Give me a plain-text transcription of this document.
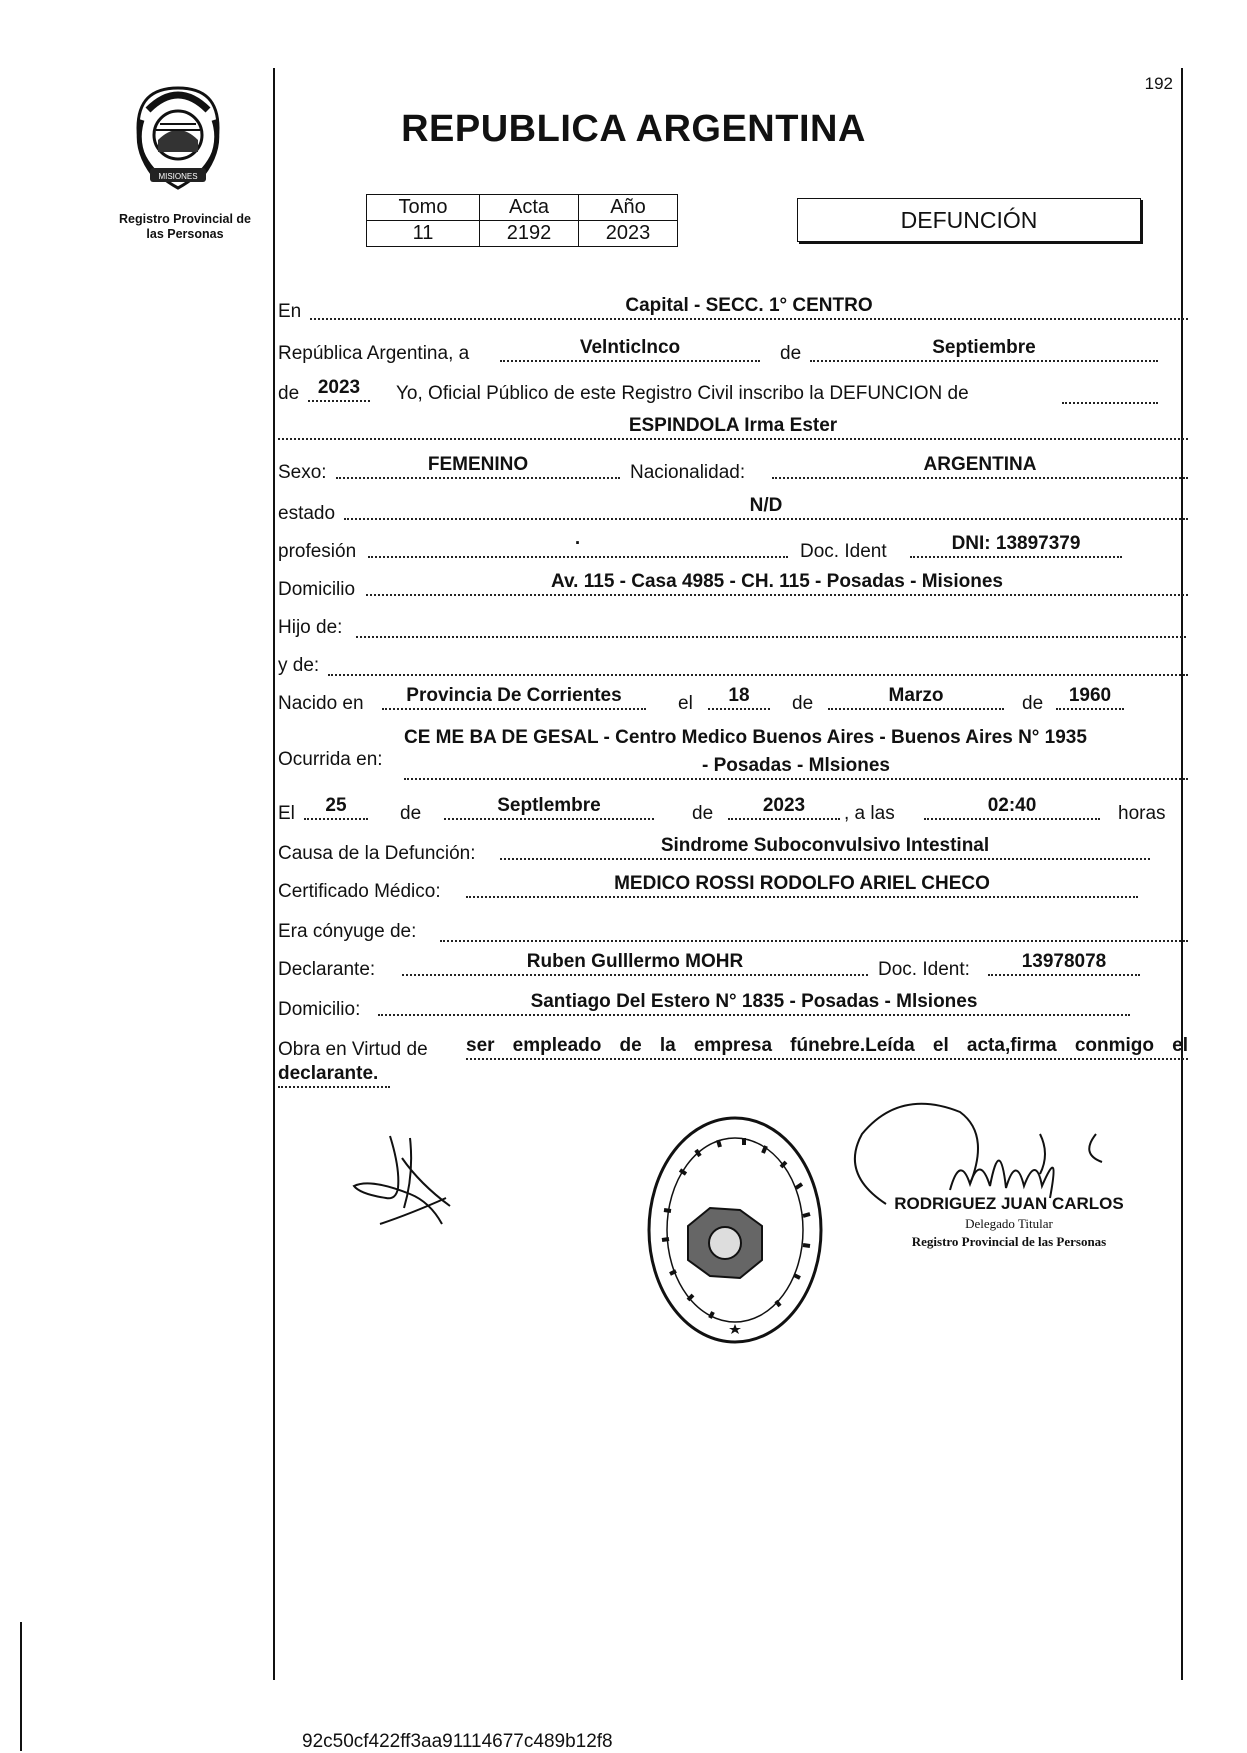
192
MISIONES
Registro Provincial de
las Personas
REPUBLICA ARGENTINA
Tomo	Acta	Año
11	2192	2023	DEFUNCIÓN
En	Capital - SECC. 1° CENTRO
República Argentina, a	Velnticlnco	de	Septiembre
de 2023	Yo, Oficial Público de este Registro Civil inscribo la DEFUNCION de
ESPINDOLA Irma Ester
Sexo:	FEMENINO	Nacionalidad:	ARGENTINA
estado	N/D
profesión	·	Doc. Ident	DNI: 13897379
Domicilio	Av. 115 - Casa 4985 - CH. 115 - Posadas - Misiones
Hijo de:
y de:
Nacido en	Provincia De Corrientes	el	18	de	Marzo	de	1960
Ocurrida en:
CE ME BA DE GESAL - Centro Medico Buenos Aires - Buenos Aires N° 1935
- Posadas - Mlsiones
El	25	de	Septlembre	de	2023	, a las	02:40	horas
Causa de la Defunción:	Sindrome Suboconvulsivo Intestinal
Certificado Médico:	MEDICO ROSSI RODOLFO ARIEL CHECO
Era cónyuge de:
Declarante:	Ruben Gulllermo MOHR	Doc. Ident:	13978078
Domicilio:	Santiago Del Estero N° 1835 - Posadas - Mlsiones
Obra en Virtud de ser empleado de la empresa fúnebre.Leída el acta,firma conmigo el
declarante.
RODRIGUEZ JUAN CARLOS
Delegado Titular
Registro Provincial de las Personas
92c50cf422ff3aa91114677c489b12f8
